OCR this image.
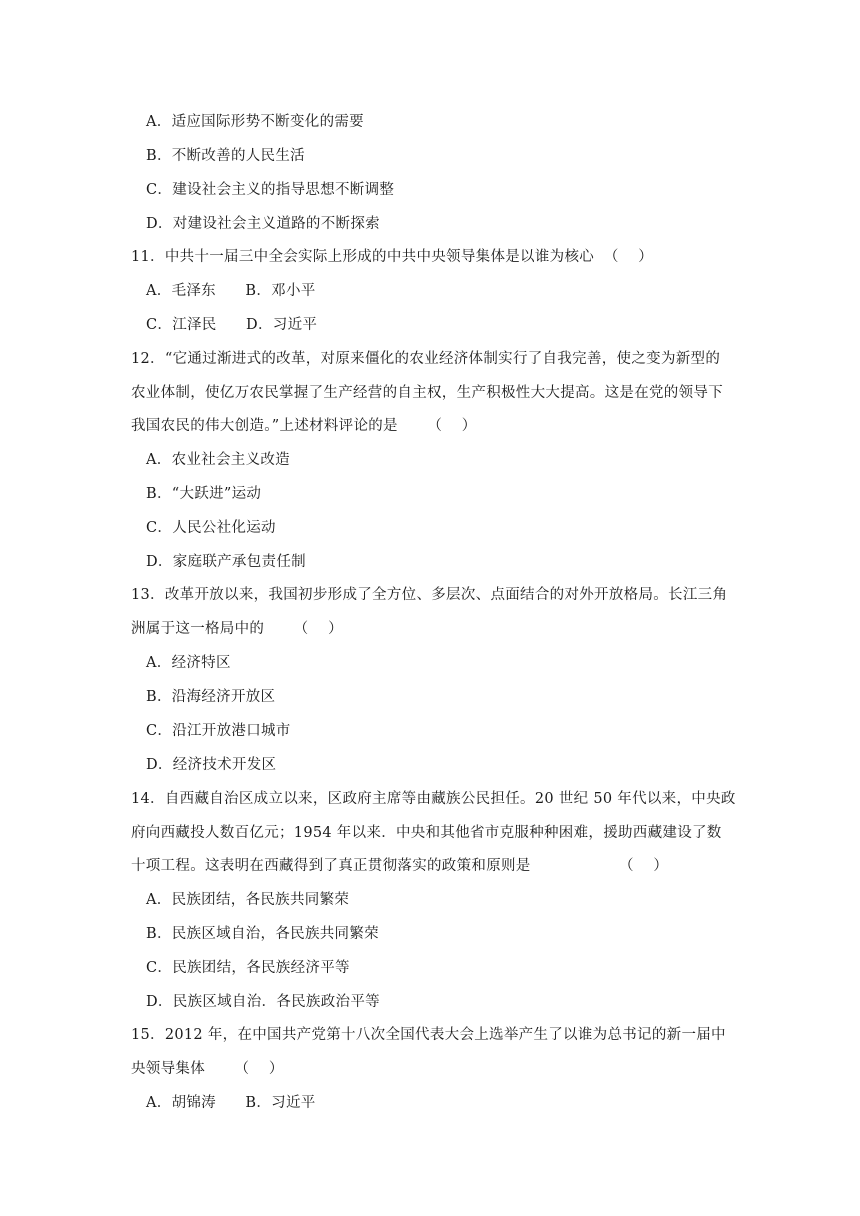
A．适应国际形势不断变化的需要
B．不断改善的人民生活
C．建设社会主义的指导思想不断调整
D．对建设社会主义道路的不断探索
11．中共十一届三中全会实际上形成的中共中央领导集体是以谁为核心  （    ）
A．毛泽东      B．邓小平
C．江泽民      D．习近平
12．“它通过渐进式的改革，对原来僵化的农业经济体制实行了自我完善，使之变为新型的
农业体制，使亿万农民掌握了生产经营的自主权，生产积极性大大提高。这是在党的领导下
我国农民的伟大创造。”上述材料评论的是      （    ）
A．农业社会主义改造
B．“大跃进”运动
C．人民公社化运动
D．家庭联产承包责任制
13．改革开放以来，我国初步形成了全方位、多层次、点面结合的对外开放格局。长江三角
洲属于这一格局中的      （    ）
A．经济特区
B．沿海经济开放区
C．沿江开放港口城市
D．经济技术开发区
14．自西藏自治区成立以来，区政府主席等由藏族公民担任。20 世纪 50 年代以来，中央政
府向西藏投人数百亿元；1954 年以来．中央和其他省市克服种种困难，援助西藏建设了数
十项工程。这表明在西藏得到了真正贯彻落实的政策和原则是                  （    ）
A．民族团结，各民族共同繁荣
B．民族区域自治，各民族共同繁荣
C．民族团结，各民族经济平等
D．民族区域自治．各民族政治平等
15．2012 年，在中国共产党第十八次全国代表大会上选举产生了以谁为总书记的新一届中
央领导集体      （    ）
A．胡锦涛      B．习近平
